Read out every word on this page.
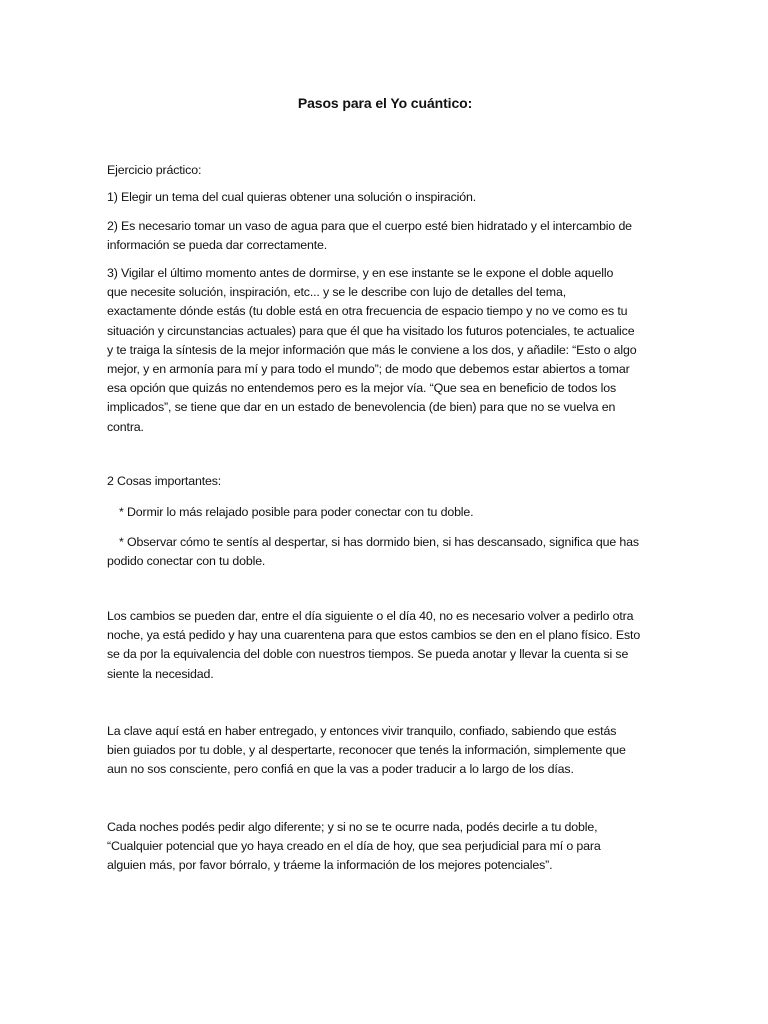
Pasos para el Yo cuántico:

Ejercicio práctico:

1) Elegir un tema del cual quieras obtener una solución o inspiración.

2) Es necesario tomar un vaso de agua para que el cuerpo esté bien hidratado y el intercambio de
información se pueda dar correctamente.

3) Vigilar el último momento antes de dormirse, y en ese instante se le expone el doble aquello
que necesite solución, inspiración, etc... y se le describe con lujo de detalles del tema,
exactamente dónde estás (tu doble está en otra frecuencia de espacio tiempo y no ve como es tu
situación y circunstancias actuales) para que él que ha visitado los futuros potenciales, te actualice
y te traiga la síntesis de la mejor información que más le conviene a los dos, y añadile: “Esto o algo
mejor, y en armonía para mí y para todo el mundo”; de modo que debemos estar abiertos a tomar
esa opción que quizás no entendemos pero es la mejor vía. “Que sea en beneficio de todos los
implicados”, se tiene que dar en un estado de benevolencia (de bien) para que no se vuelva en
contra.

2 Cosas importantes:

* Dormir lo más relajado posible para poder conectar con tu doble.

* Observar cómo te sentís al despertar, si has dormido bien, si has descansado, significa que has
podido conectar con tu doble.

Los cambios se pueden dar, entre el día siguiente o el día 40, no es necesario volver a pedirlo otra
noche, ya está pedido y hay una cuarentena para que estos cambios se den en el plano físico. Esto
se da por la equivalencia del doble con nuestros tiempos. Se pueda anotar y llevar la cuenta si se
siente la necesidad.

La clave aquí está en haber entregado, y entonces vivir tranquilo, confiado, sabiendo que estás
bien guiados por tu doble, y al despertarte, reconocer que tenés la información, simplemente que
aun no sos consciente, pero confiá en que la vas a poder traducir a lo largo de los días.

Cada noches podés pedir algo diferente; y si no se te ocurre nada, podés decirle a tu doble,
“Cualquier potencial que yo haya creado en el día de hoy, que sea perjudicial para mí o para
alguien más, por favor bórralo, y tráeme la información de los mejores potenciales”.
